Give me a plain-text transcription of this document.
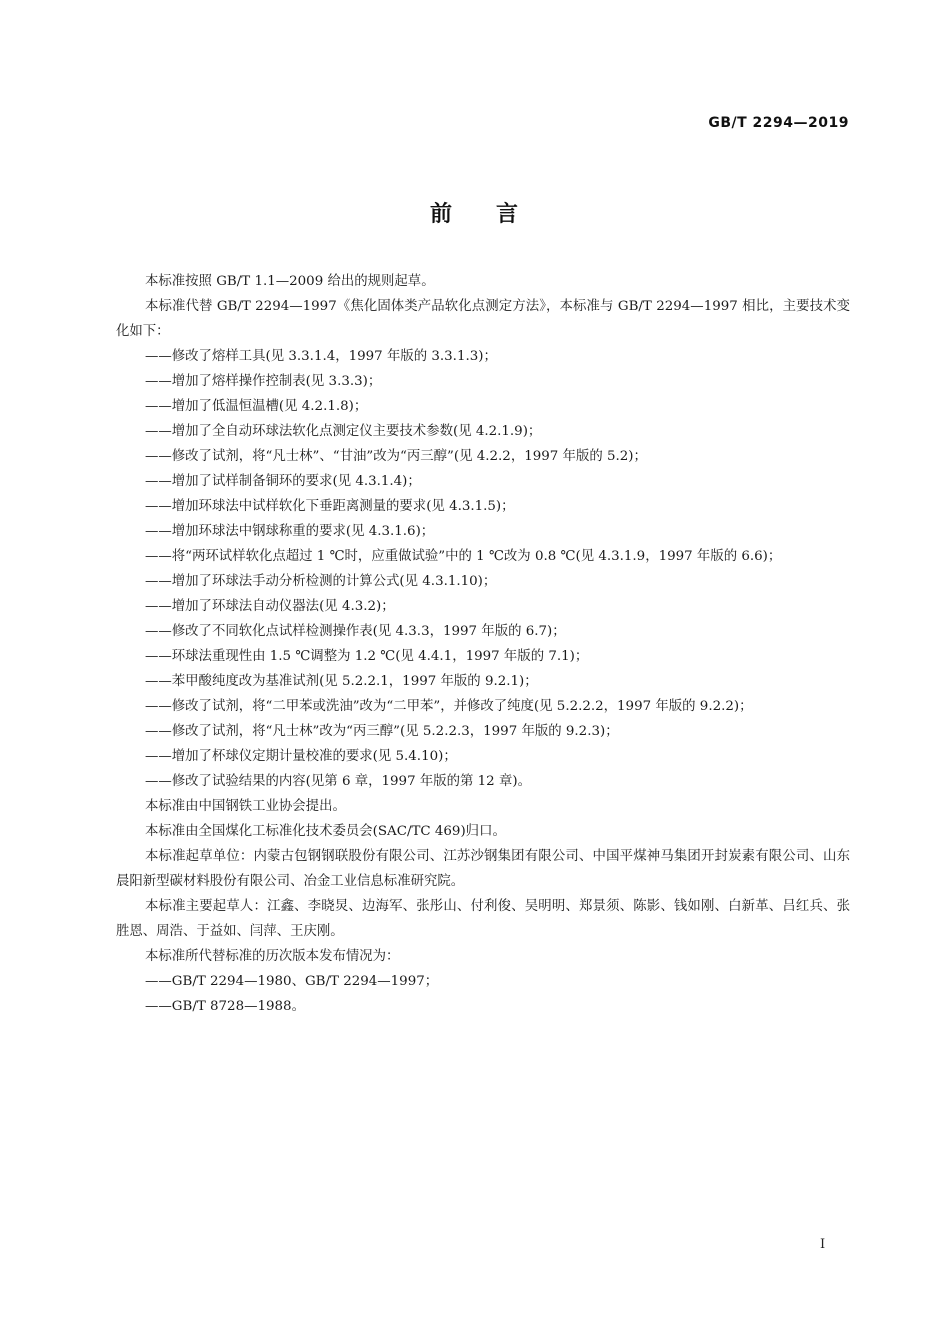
GB/T 2294—2019
前 言

本标准按照 GB/T 1.1—2009 给出的规则起草。

本标准代替 GB/T 2294—1997《焦化固体类产品软化点测定方法》，本标准与 GB/T 2294—1997 相比，主要技术变化如下：

——修改了熔样工具(见 3.3.1.4，1997 年版的 3.3.1.3)；

——增加了熔样操作控制表(见 3.3.3)；

——增加了低温恒温槽(见 4.2.1.8)；

——增加了全自动环球法软化点测定仪主要技术参数(见 4.2.1.9)；

——修改了试剂，将“凡士林”、“甘油”改为“丙三醇”(见 4.2.2，1997 年版的 5.2)；

——增加了试样制备铜环的要求(见 4.3.1.4)；

——增加环球法中试样软化下垂距离测量的要求(见 4.3.1.5)；

——增加环球法中钢球称重的要求(见 4.3.1.6)；

——将“两环试样软化点超过 1 ℃时，应重做试验”中的 1 ℃改为 0.8 ℃(见 4.3.1.9，1997 年版的 6.6)；

——增加了环球法手动分析检测的计算公式(见 4.3.1.10)；

——增加了环球法自动仪器法(见 4.3.2)；

——修改了不同软化点试样检测操作表(见 4.3.3，1997 年版的 6.7)；

——环球法重现性由 1.5 ℃调整为 1.2 ℃(见 4.4.1，1997 年版的 7.1)；

——苯甲酸纯度改为基准试剂(见 5.2.2.1，1997 年版的 9.2.1)；

——修改了试剂，将“二甲苯或洗油”改为“二甲苯”，并修改了纯度(见 5.2.2.2，1997 年版的 9.2.2)；

——修改了试剂，将“凡士林”改为“丙三醇”(见 5.2.2.3，1997 年版的 9.2.3)；

——增加了杯球仪定期计量校准的要求(见 5.4.10)；

——修改了试验结果的内容(见第 6 章，1997 年版的第 12 章)。

本标准由中国钢铁工业协会提出。

本标准由全国煤化工标准化技术委员会(SAC/TC 469)归口。

本标准起草单位：内蒙古包钢钢联股份有限公司、江苏沙钢集团有限公司、中国平煤神马集团开封炭素有限公司、山东晨阳新型碳材料股份有限公司、冶金工业信息标准研究院。

本标准主要起草人：江鑫、李晓炅、边海军、张彤山、付利俊、吴明明、郑景须、陈影、钱如刚、白新革、吕红兵、张胜恩、周浩、于益如、闫萍、王庆刚。

本标准所代替标准的历次版本发布情况为：

——GB/T 2294—1980、GB/T 2294—1997；

——GB/T 8728—1988。

I
